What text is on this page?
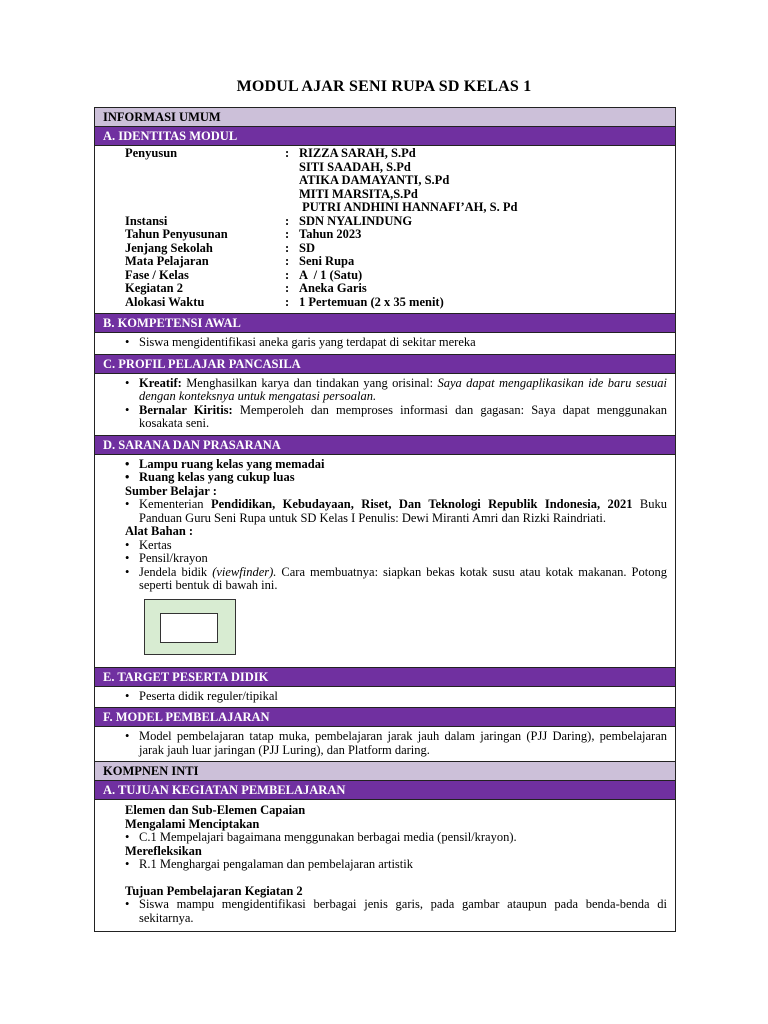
MODUL AJAR SENI RUPA SD KELAS 1
INFORMASI UMUM
A. IDENTITAS MODUL
Penyusun	: RIZZA SARAH, S.Pd
SITI SAADAH, S.Pd
ATIKA DAMAYANTI, S.Pd
MITI MARSITA,S.Pd
PUTRI ANDHINI HANNAFI’AH, S. Pd
Instansi	: SDN NYALINDUNG
Tahun Penyusunan	: Tahun 2023
Jenjang Sekolah	: SD
Mata Pelajaran	: Seni Rupa
Fase / Kelas	: A  / 1 (Satu)
Kegiatan 2	: Aneka Garis
Alokasi Waktu	: 1 Pertemuan (2 x 35 menit)
B. KOMPETENSI AWAL
• Siswa mengidentifikasi aneka garis yang terdapat di sekitar mereka
C. PROFIL PELAJAR PANCASILA
• Kreatif: Menghasilkan karya dan tindakan yang orisinal: Saya dapat mengaplikasikan ide baru sesuai dengan konteksnya untuk mengatasi persoalan.
• Bernalar Kiritis: Memperoleh dan memproses informasi dan gagasan: Saya dapat menggunakan kosakata seni.
D. SARANA DAN PRASARANA
• Lampu ruang kelas yang memadai
• Ruang kelas yang cukup luas
Sumber Belajar :
• Kementerian Pendidikan, Kebudayaan, Riset, Dan Teknologi Republik Indonesia, 2021 Buku Panduan Guru Seni Rupa untuk SD Kelas I Penulis: Dewi Miranti Amri dan Rizki Raindriati.
Alat Bahan :
• Kertas
• Pensil/krayon
• Jendela bidik (viewfinder). Cara membuatnya: siapkan bekas kotak susu atau kotak makanan. Potong seperti bentuk di bawah ini.
E. TARGET PESERTA DIDIK
• Peserta didik reguler/tipikal
F. MODEL PEMBELAJARAN
• Model pembelajaran tatap muka, pembelajaran jarak jauh dalam jaringan (PJJ Daring), pembelajaran jarak jauh luar jaringan (PJJ Luring), dan Platform daring.
KOMPNEN INTI
A. TUJUAN KEGIATAN PEMBELAJARAN
Elemen dan Sub-Elemen Capaian
Mengalami Menciptakan
• C.1 Mempelajari bagaimana menggunakan berbagai media (pensil/krayon).
Merefleksikan
• R.1 Menghargai pengalaman dan pembelajaran artistik
Tujuan Pembelajaran Kegiatan 2
• Siswa mampu mengidentifikasi berbagai jenis garis, pada gambar ataupun pada benda-benda di sekitarnya.
